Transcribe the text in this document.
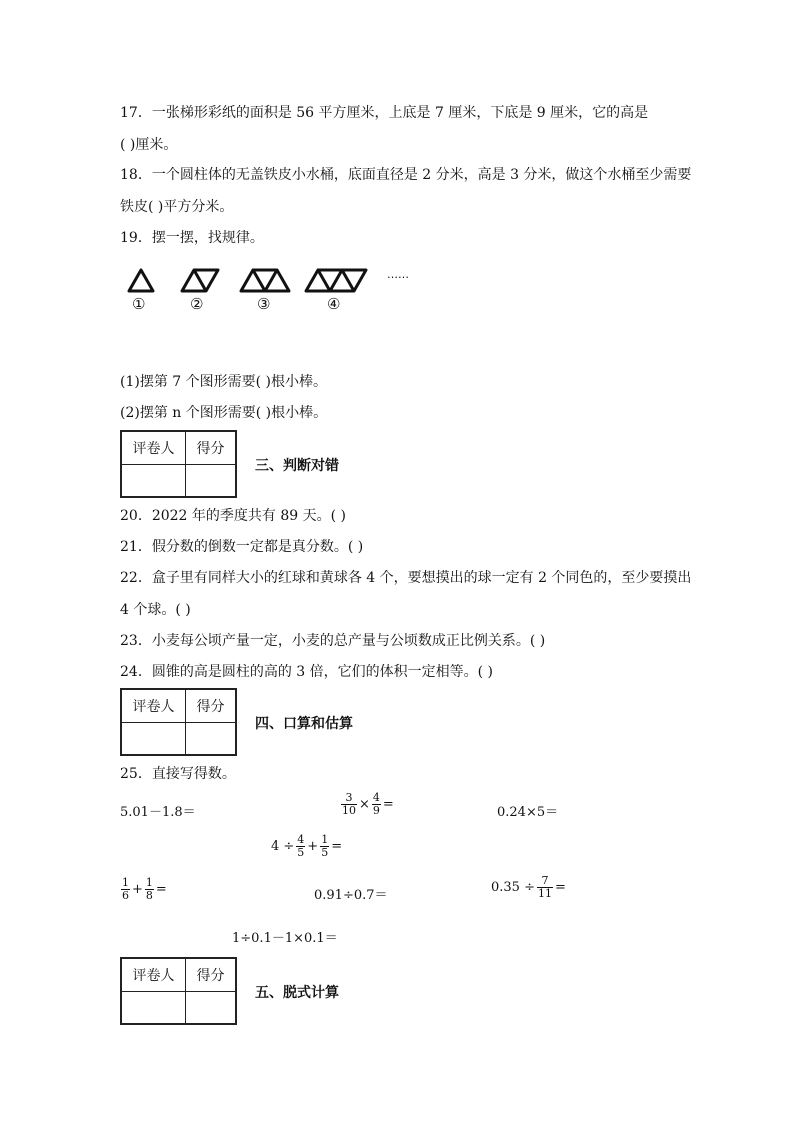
17．一张梯形彩纸的面积是 56 平方厘米，上底是 7 厘米，下底是 9 厘米，它的高是
( )厘米。
18．一个圆柱体的无盖铁皮小水桶，底面直径是 2 分米，高是 3 分米，做这个水桶至少需要
铁皮( )平方分米。
19．摆一摆，找规律。
……
①	②	③	④
(1)摆第 7 个图形需要( )根小棒。
(2)摆第 n 个图形需要( )根小棒。
评卷人	得分
三、判断对错
20．2022 年的季度共有 89 天。( )
21．假分数的倒数一定都是真分数。( )
22．盒子里有同样大小的红球和黄球各 4 个，要想摸出的球一定有 2 个同色的，至少要摸出
4 个球。( )
23．小麦每公顷产量一定，小麦的总产量与公顷数成正比例关系。( )
24．圆锥的高是圆柱的高的 3 倍，它们的体积一定相等。( )
评卷人	得分
四、口算和估算
25．直接写得数。
5.01－1.8＝	$\frac{3}{10} \times \frac{4}{9}$ =
0.24×5＝
$4 \div \frac{4}{5} + \frac{1}{5}$ =
$\frac{1}{6} + \frac{1}{8}$ =	0.91÷0.7＝
$0.35 \div \frac{7}{11}$ =
1÷0.1－1×0.1＝
评卷人	得分
五、脱式计算
